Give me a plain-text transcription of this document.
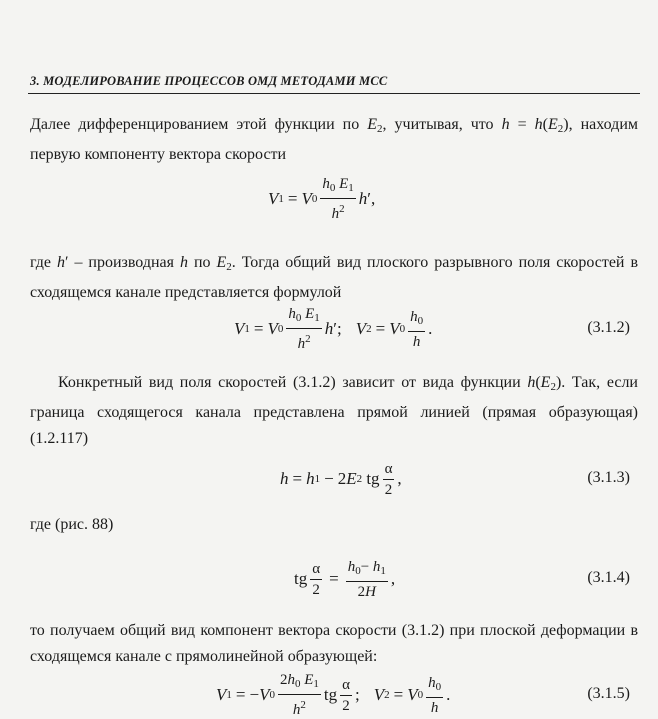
3. МОДЕЛИРОВАНИЕ ПРОЦЕССОВ ОМД МЕТОДАМИ МСС
Далее дифференцированием этой функции по $E_2$, учитывая, что $h = h(E_2)$, находим первую компоненту вектора скорости
V 1 = V $0 \frac{h_0 E_1}{h^2}$ h ′,
где h′ – производная h по $E_2$. Тогда общий вид плоского разрывного поля скоростей в сходящемся канале представляется формулой
V 1 = V $0 \frac{h_0 E_1}{h^2}$ h ′; V 2 = V $0 \frac{h_0}{h}$ .	(3.1.2)
Конкретный вид поля скоростей (3.1.2) зависит от вида функции $h(E_2)$. Так, если граница сходящегося канала представлена прямой линией (прямая образующая) (1.2.117)
h = h 1 − 2 E 2 tg $\frac{\alpha}{2}$ ,	(3.1.3)
где (рис. 88)
tg $\frac{\alpha}{2} = \frac{h_0- h_1}{2H}$ ,	(3.1.4)
то получаем общий вид компонент вектора скорости (3.1.2) при плоской деформации в сходящемся канале с прямолинейной образующей:
V 1 = − V $0 \frac{2h_0 E_1}{h^2}$ tg $\frac{\alpha}{2}$ ; V 2 = V $0 \frac{h_0}{h}$ .	(3.1.5)
